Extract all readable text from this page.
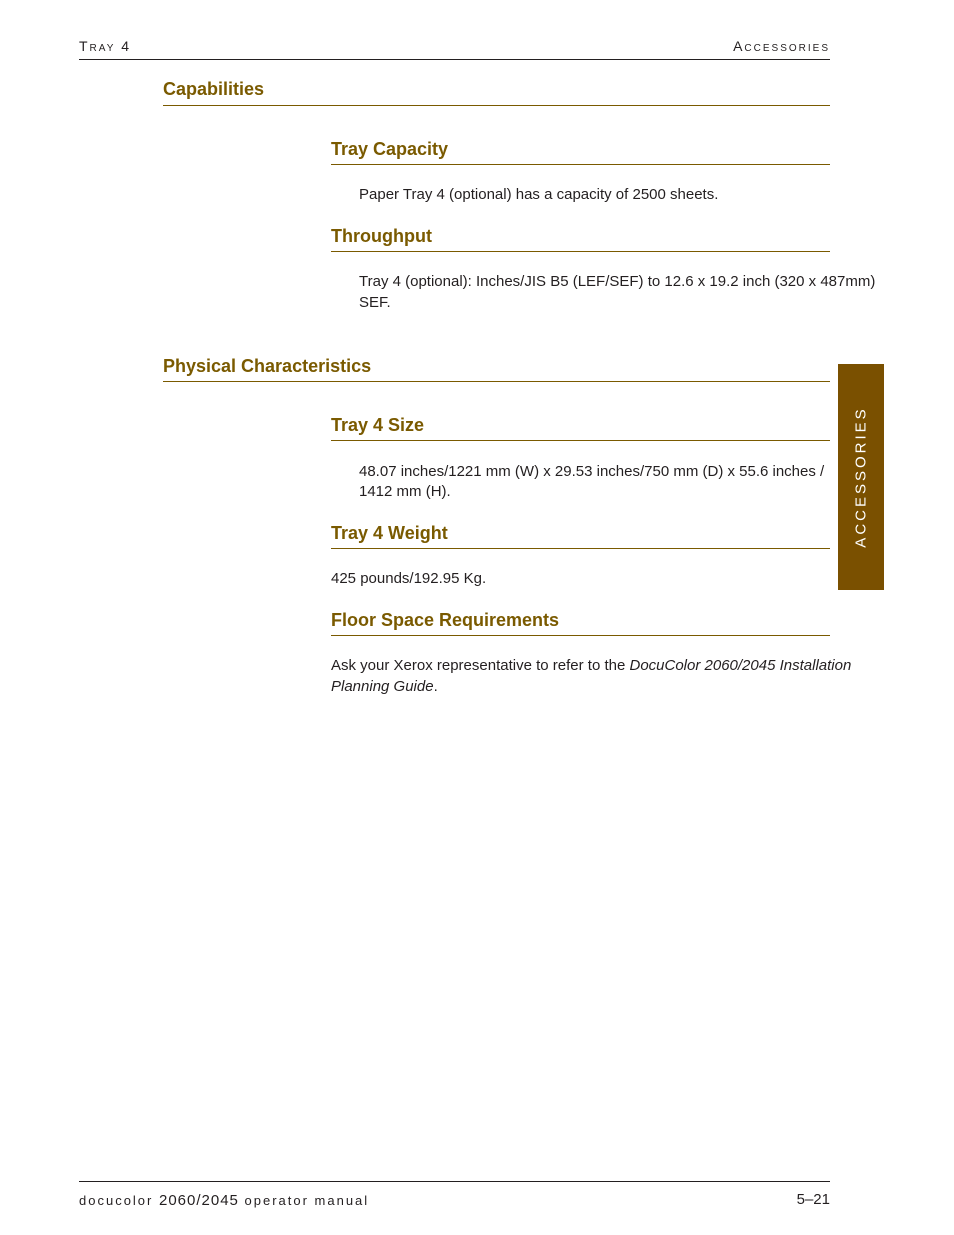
Tray 4	Accessories
Capabilities
Tray Capacity
Paper Tray 4 (optional) has a capacity of 2500 sheets.
Throughput
Tray 4 (optional): Inches/JIS B5 (LEF/SEF) to 12.6 x 19.2 inch (320 x 487mm)
SEF.
Physical Characteristics
Tray 4 Size
48.07 inches/1221 mm (W) x 29.53 inches/750 mm (D) x 55.6 inches /
1412 mm (H).
Tray 4 Weight
425 pounds/192.95 Kg.
Floor Space Requirements
Ask your Xerox representative to refer to the DocuColor 2060/2045 Installation
Planning Guide.
ACCESSORIES
docucolor 2060/2045 operator manual	5–21
